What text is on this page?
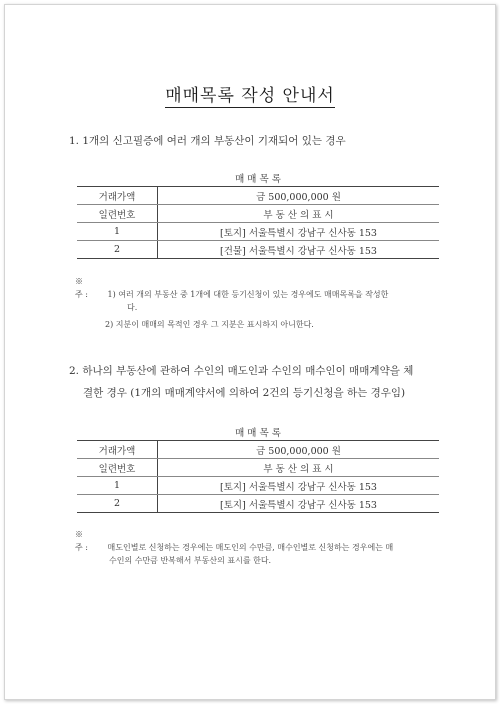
매매목록 작성 안내서
1. 1개의 신고필증에 여러 개의 부동산이 기재되어 있는 경우
매 매 목 록	
거래가액	금 500,000,000 원
일련번호	부 동 산 의 표 시
1	[토지] 서울특별시 강남구 신사동 153
2	[건물] 서울특별시 강남구 신사동 153
※ 주 : 1) 여러 개의 부동산 중 1개에 대한 등기신청이 있는 경우에도 매매목록을 작성한
다.
2) 지분이 매매의 목적인 경우 그 지분은 표시하지 아니한다.
2. 하나의 부동산에 관하여 수인의 매도인과 수인의 매수인이 매매계약을 체
결한 경우 (1개의 매매계약서에 의하여 2건의 등기신청을 하는 경우임)
매 매 목 록	
거래가액	금 500,000,000 원
일련번호	부 동 산 의 표 시
1	[토지] 서울특별시 강남구 신사동 153
2	[토지] 서울특별시 강남구 신사동 153
※ 주 : 매도인별로 신청하는 경우에는 매도인의 수만큼, 매수인별로 신청하는 경우에는 매
수인의 수만큼 반복해서 부동산의 표시를 한다.
